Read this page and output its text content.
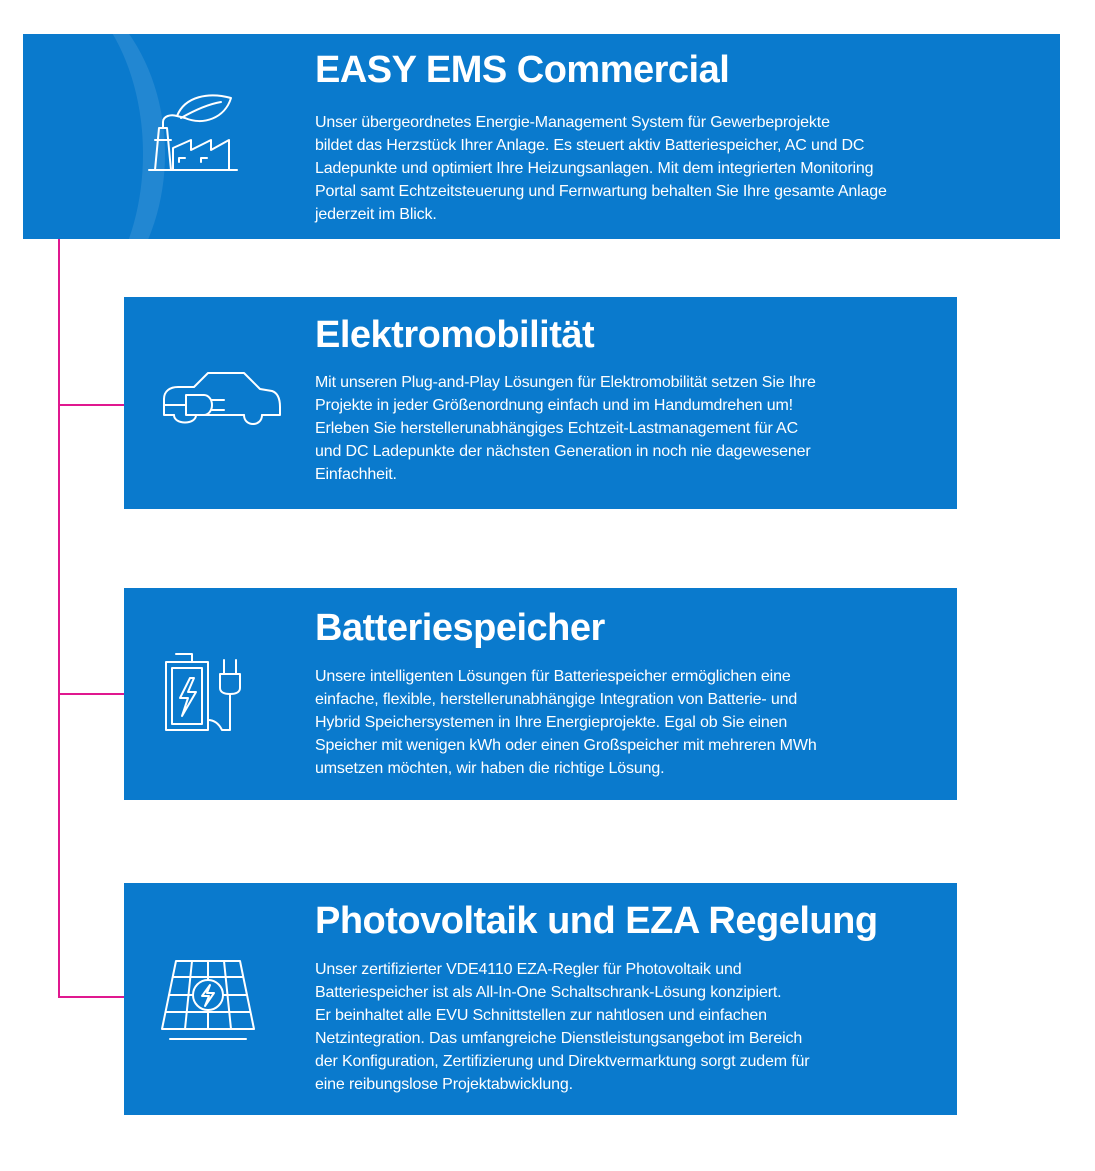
EASY EMS Commercial

Unser übergeordnetes Energie-Management System für Gewerbeprojekte
bildet das Herzstück Ihrer Anlage. Es steuert aktiv Batteriespeicher, AC und DC
Ladepunkte und optimiert Ihre Heizungsanlagen. Mit dem integrierten Monitoring
Portal samt Echtzeitsteuerung und Fernwartung behalten Sie Ihre gesamte Anlage
jederzeit im Blick.

Elektromobilität

Mit unseren Plug-and-Play Lösungen für Elektromobilität setzen Sie Ihre
Projekte in jeder Größenordnung einfach und im Handumdrehen um!
Erleben Sie herstellerunabhängiges Echtzeit-Lastmanagement für AC
und DC Ladepunkte der nächsten Generation in noch nie dagewesener
Einfachheit.

Batteriespeicher

Unsere intelligenten Lösungen für Batteriespeicher ermöglichen eine
einfache, flexible, herstellerunabhängige Integration von Batterie- und
Hybrid Speichersystemen in Ihre Energieprojekte. Egal ob Sie einen
Speicher mit wenigen kWh oder einen Großspeicher mit mehreren MWh
umsetzen möchten, wir haben die richtige Lösung.

Photovoltaik und EZA Regelung

Unser zertifizierter VDE4110 EZA-Regler für Photovoltaik und
Batteriespeicher ist als All-In-One Schaltschrank-Lösung konzipiert.
Er beinhaltet alle EVU Schnittstellen zur nahtlosen und einfachen
Netzintegration. Das umfangreiche Dienstleistungsangebot im Bereich
der Konfiguration, Zertifizierung und Direktvermarktung sorgt zudem für
eine reibungslose Projektabwicklung.
